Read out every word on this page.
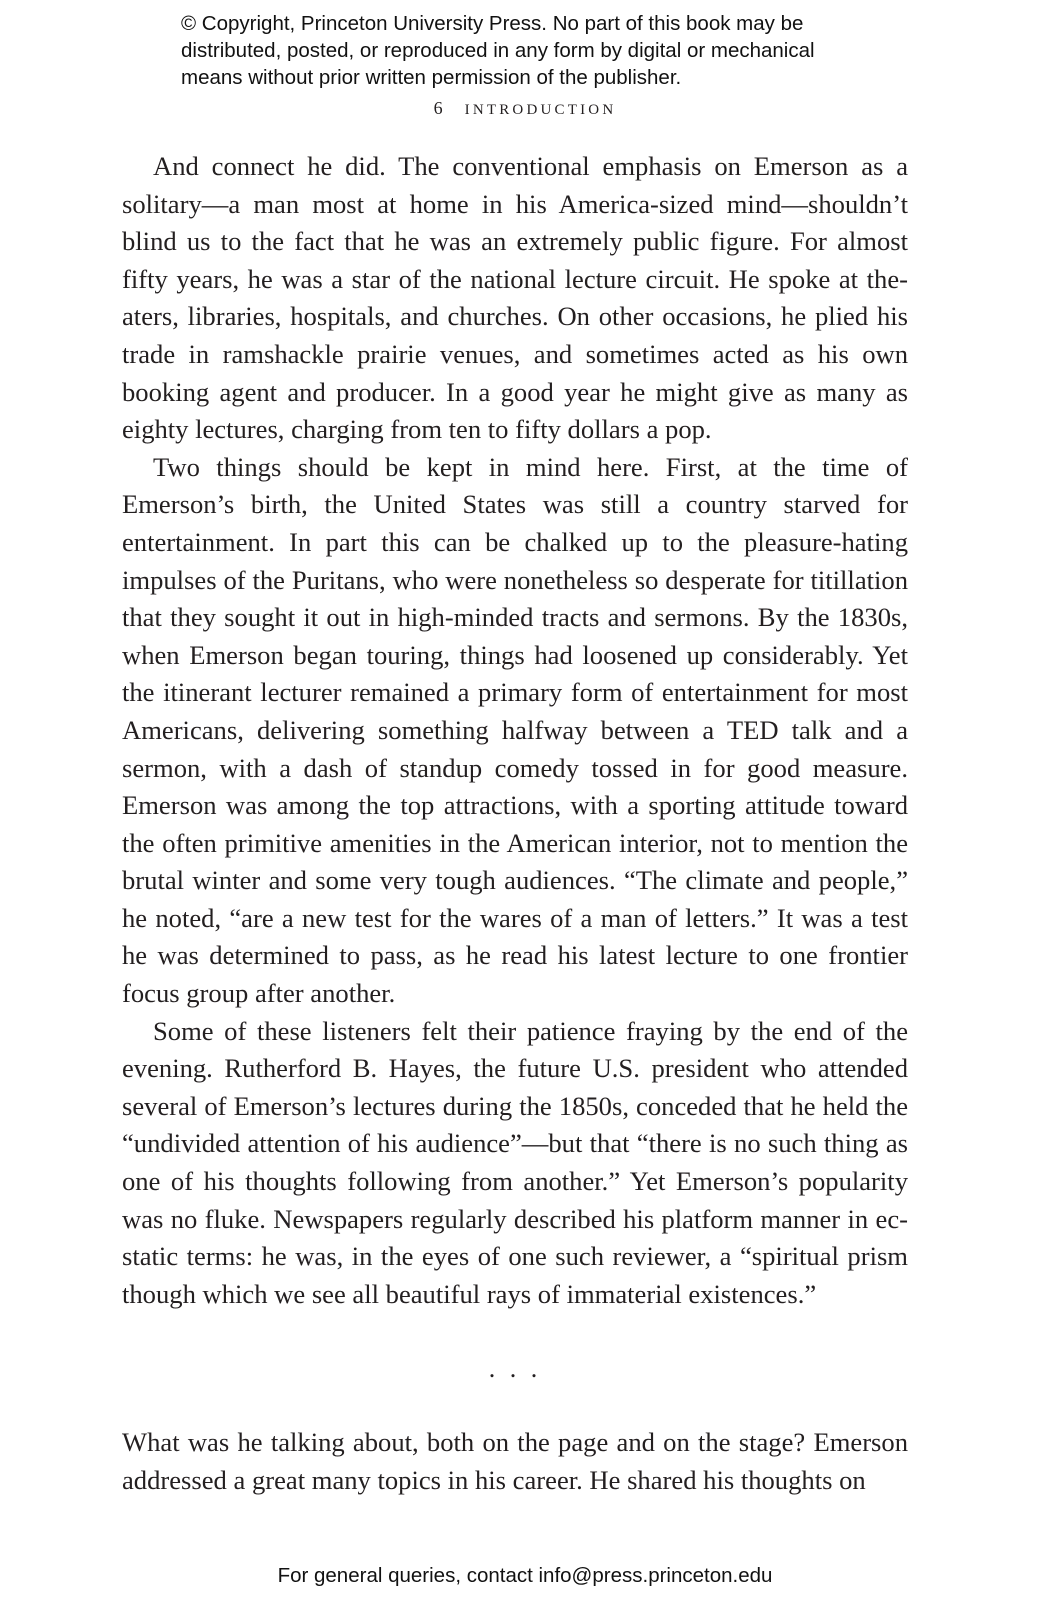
© Copyright, Princeton University Press. No part of this book may be
distributed, posted, or reproduced in any form by digital or mechanical
means without prior written permission of the publisher.
6 INTRODUCTION

And connect he did. The conventional emphasis on Emerson as a solitary—a man most at home in his America-sized mind—shouldn’t blind us to the fact that he was an extremely public figure. For almost fifty years, he was a star of the national lecture circuit. He spoke at theaters, libraries, hospitals, and churches. On other occasions, he plied his trade in ramshackle prairie venues, and sometimes acted as his own booking agent and producer. In a good year he might give as many as eighty lectures, charging from ten to fifty dollars a pop.

Two things should be kept in mind here. First, at the time of Emerson’s birth, the United States was still a country starved for entertainment. In part this can be chalked up to the pleasure-hating impulses of the Puritans, who were nonetheless so desperate for titillation that they sought it out in high-minded tracts and sermons. By the 1830s, when Emerson began touring, things had loosened up considerably. Yet the itinerant lecturer remained a primary form of entertainment for most Americans, delivering something halfway between a TED talk and a sermon, with a dash of standup comedy tossed in for good measure. Emerson was among the top attractions, with a sporting attitude toward the often primitive amenities in the American interior, not to mention the brutal winter and some very tough audiences. “The climate and people,” he noted, “are a new test for the wares of a man of letters.” It was a test he was determined to pass, as he read his latest lecture to one frontier focus group after another.

Some of these listeners felt their patience fraying by the end of the evening. Rutherford B. Hayes, the future U.S. president who attended several of Emerson’s lectures during the 1850s, conceded that he held the “undivided attention of his audience”—but that “there is no such thing as one of his thoughts following from another.” Yet Emerson’s popularity was no fluke. Newspapers regularly described his platform manner in ecstatic terms: he was, in the eyes of one such reviewer, a “spiritual prism though which we see all beautiful rays of immaterial existences.”

. . .

What was he talking about, both on the page and on the stage? Emerson addressed a great many topics in his career. He shared his thoughts on

For general queries, contact info@press.princeton.edu
